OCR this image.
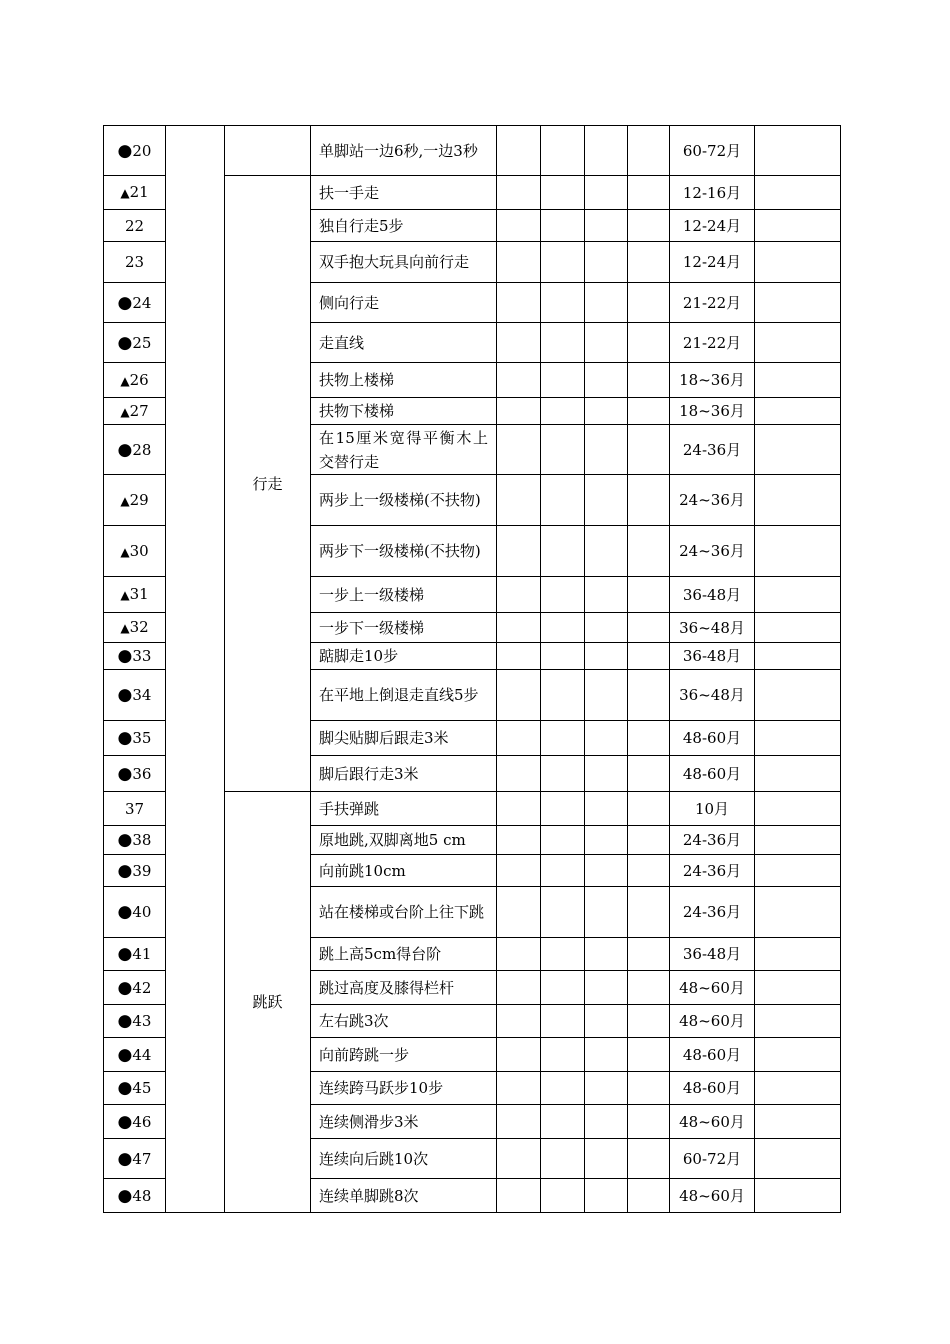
●20			单脚站一边6秒,一边3秒					60-72月	
▲21		行走	扶一手走					12-16月	
22			独自行走5步					12-24月	
23			双手抱大玩具向前行走					12-24月	
●24			侧向行走					21-22月	
●25			走直线					21-22月	
▲26			扶物上楼梯					18~36月	
▲27			扶物下楼梯					18~36月	
●28			在15厘米宽得平衡木上交替行走					24-36月	
▲29			两步上一级楼梯(不扶物)					24~36月	
▲30			两步下一级楼梯(不扶物)					24~36月	
▲31			一步上一级楼梯					36-48月	
▲32			一步下一级楼梯					36~48月	
●33			踮脚走10步					36-48月	
●34			在平地上倒退走直线5步					36~48月	
●35			脚尖贴脚后跟走3米					48-60月	
●36			脚后跟行走3米					48-60月	
37		跳跃	手扶弹跳					10月	
●38			原地跳,双脚离地5 cm					24-36月	
●39			向前跳10cm					24-36月	
●40			站在楼梯或台阶上往下跳					24-36月	
●41			跳上高5cm得台阶					36-48月	
●42			跳过高度及膝得栏杆					48~60月	
●43			左右跳3次					48~60月	
●44			向前跨跳一步					48-60月	
●45			连续跨马跃步10步					48-60月	
●46			连续侧滑步3米					48~60月	
●47			连续向后跳10次					60-72月	
●48			连续单脚跳8次					48~60月	
